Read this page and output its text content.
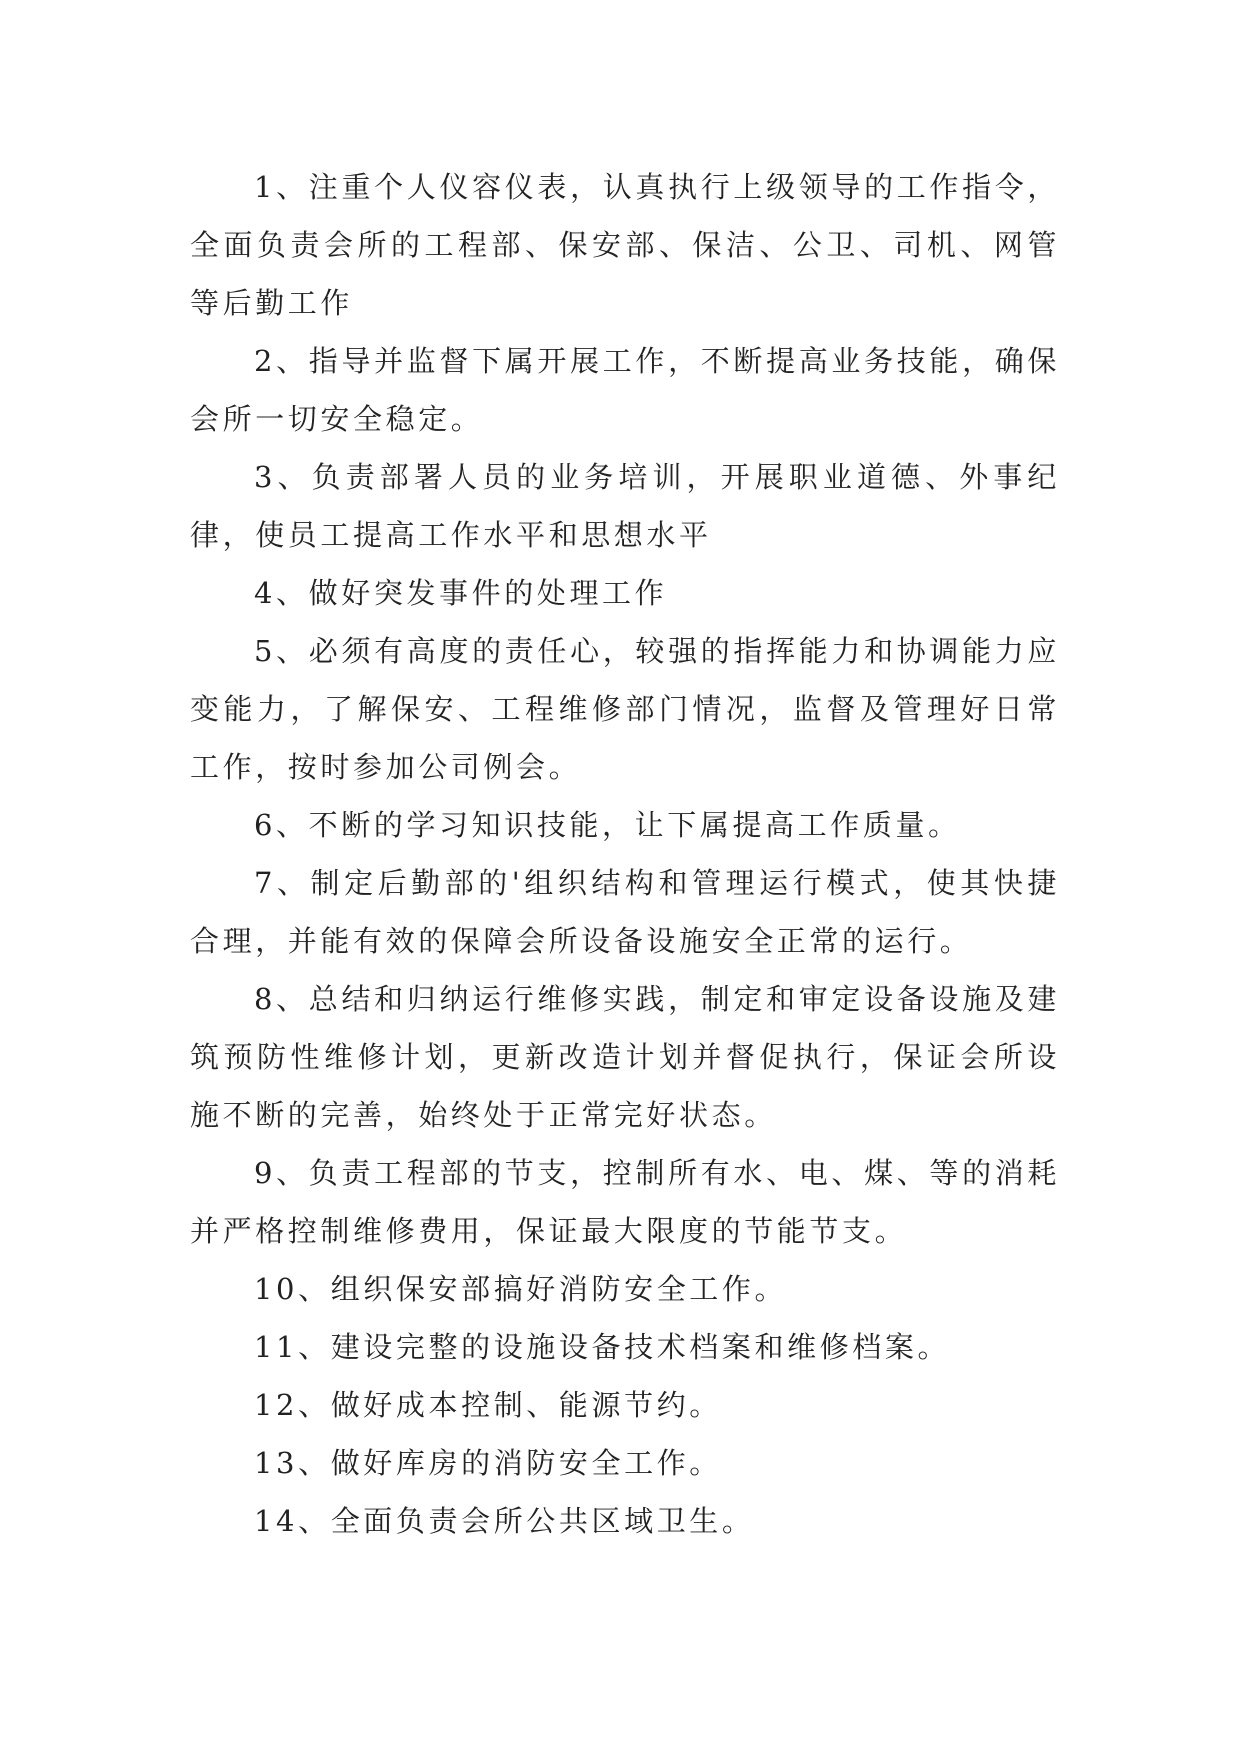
1、注重个人仪容仪表，认真执行上级领导的工作指令，全面负责会所的工程部、保安部、保洁、公卫、司机、网管等后勤工作

2、指导并监督下属开展工作，不断提高业务技能，确保会所一切安全稳定。

3、负责部署人员的业务培训，开展职业道德、外事纪律，使员工提高工作水平和思想水平

4、做好突发事件的处理工作

5、必须有高度的责任心，较强的指挥能力和协调能力应变能力，了解保安、工程维修部门情况，监督及管理好日常工作，按时参加公司例会。

6、不断的学习知识技能，让下属提高工作质量。

7、制定后勤部的'组织结构和管理运行模式，使其快捷合理，并能有效的保障会所设备设施安全正常的运行。

8、总结和归纳运行维修实践，制定和审定设备设施及建筑预防性维修计划，更新改造计划并督促执行，保证会所设施不断的完善，始终处于正常完好状态。

9、负责工程部的节支，控制所有水、电、煤、等的消耗并严格控制维修费用，保证最大限度的节能节支。

10、组织保安部搞好消防安全工作。

11、建设完整的设施设备技术档案和维修档案。

12、做好成本控制、能源节约。

13、做好库房的消防安全工作。

14、全面负责会所公共区域卫生。
